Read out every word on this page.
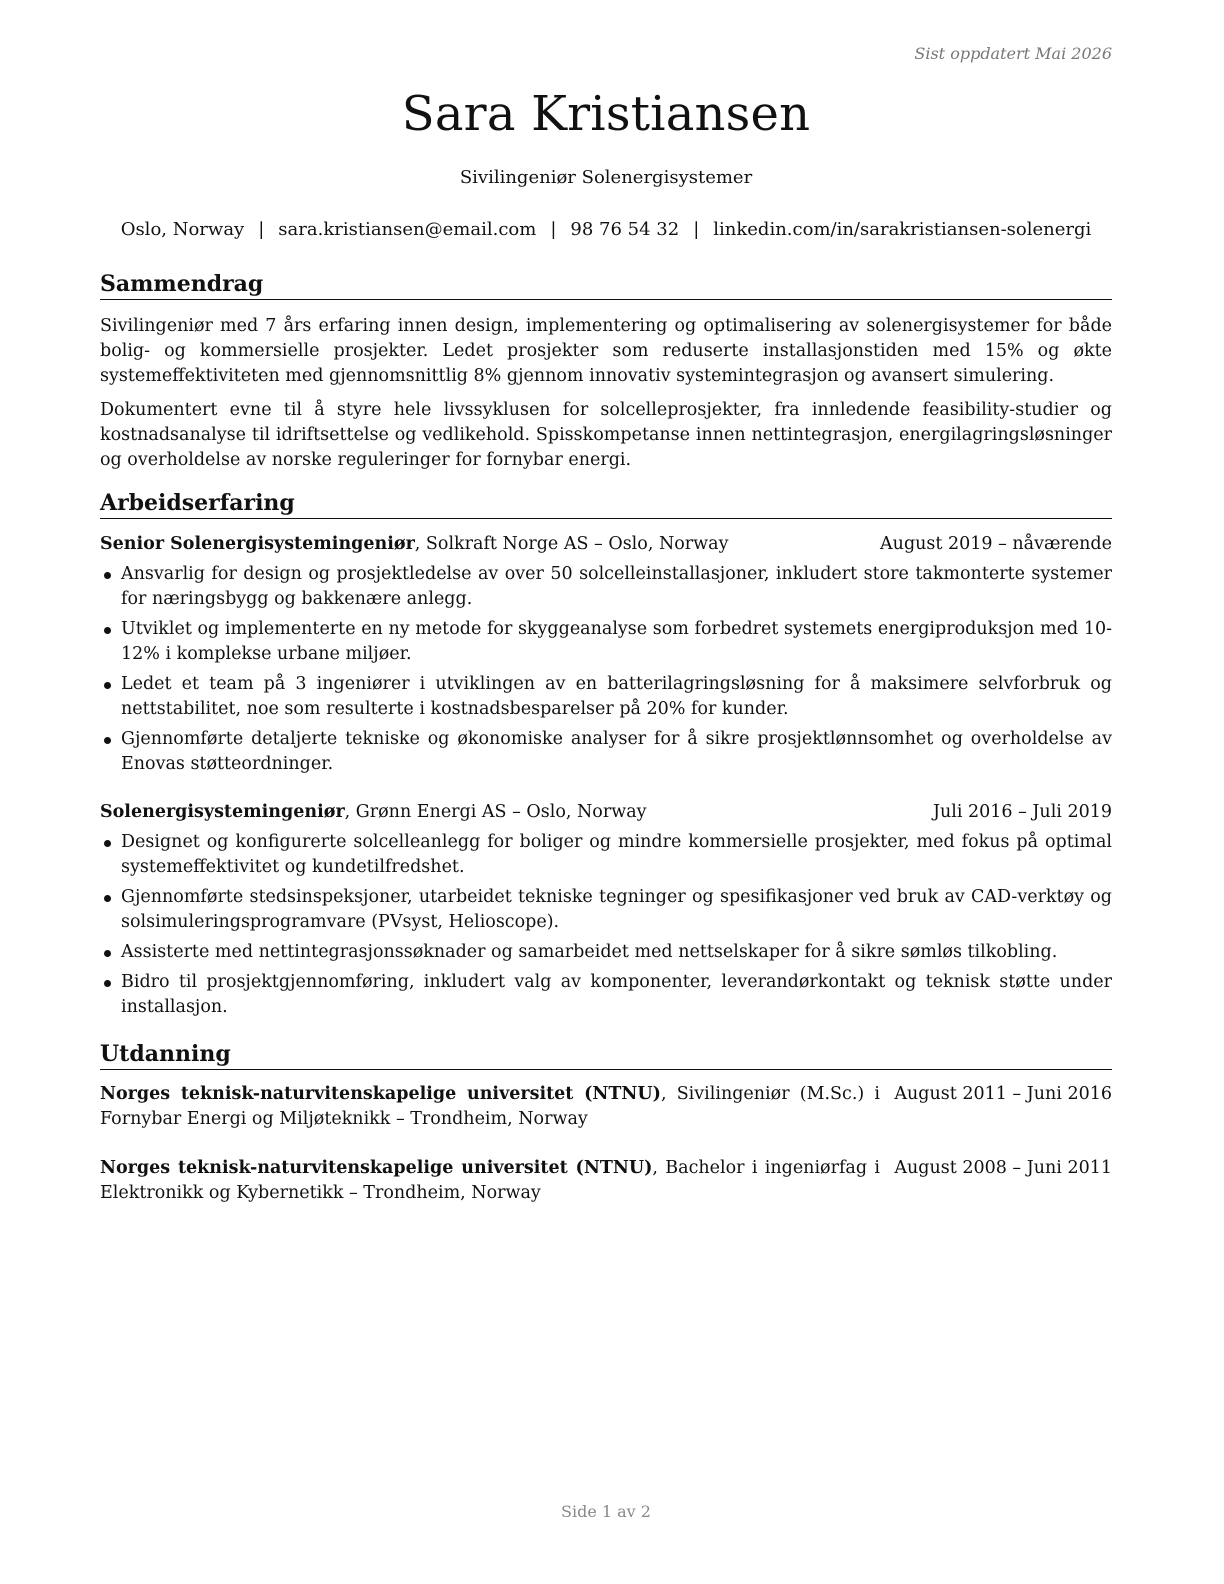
Sist oppdatert Mai 2026
Sara Kristiansen
Sivilingeniør Solenergisystemer
Oslo, Norway | sara.kristiansen@email.com | 98 76 54 32 | linkedin.com/in/sarakristiansen-solenergi
Sammendrag

Sivilingeniør med 7 års erfaring innen design, implementering og optimalisering av solenergisystemer for både bolig- og kommersielle prosjekter. Ledet prosjekter som reduserte installasjonstiden med 15% og økte systemeffektiviteten med gjennomsnittlig 8% gjennom innovativ systemintegrasjon og avansert simulering.

Dokumentert evne til å styre hele livssyklusen for solcelleprosjekter, fra innledende feasibility-studier og kostnadsanalyse til idriftsettelse og vedlikehold. Spisskompetanse innen nettintegrasjon, energilagringsløsninger og overholdelse av norske reguleringer for fornybar energi.

Arbeidserfaring
Senior Solenergisystemingeniør, Solkraft Norge AS – Oslo, Norway	August 2019 – nåværende
Ansvarlig for design og prosjektledelse av over 50 solcelleinstallasjoner, inkludert store takmonterte systemer for næringsbygg og bakkenære anlegg.
Utviklet og implementerte en ny metode for skyggeanalyse som forbedret systemets energiproduksjon med 10-12% i komplekse urbane miljøer.
Ledet et team på 3 ingeniører i utviklingen av en batterilagringsløsning for å maksimere selvforbruk og nettstabilitet, noe som resulterte i kostnadsbesparelser på 20% for kunder.
Gjennomførte detaljerte tekniske og økonomiske analyser for å sikre prosjektlønnsomhet og overholdelse av Enovas støtteordninger.
Solenergisystemingeniør, Grønn Energi AS – Oslo, Norway	Juli 2016 – Juli 2019
Designet og konfigurerte solcelleanlegg for boliger og mindre kommersielle prosjekter, med fokus på optimal systemeffektivitet og kundetilfredshet.
Gjennomførte stedsinspeksjoner, utarbeidet tekniske tegninger og spesifikasjoner ved bruk av CAD-verktøy og solsimuleringsprogramvare (PVsyst, Helioscope).
Assisterte med nettintegrasjonssøknader og samarbeidet med nettselskaper for å sikre sømløs tilkobling.
Bidro til prosjektgjennomføring, inkludert valg av komponenter, leverandørkontakt og teknisk støtte under installasjon.
Utdanning
Norges teknisk-naturvitenskapelige universitet (NTNU), Sivilingeniør (M.Sc.) i Fornybar Energi og Miljøteknikk – Trondheim, Norway
August 2011 – Juni 2016
Norges teknisk-naturvitenskapelige universitet (NTNU), Bachelor i ingeniørfag i Elektronikk og Kybernetikk – Trondheim, Norway
August 2008 – Juni 2011
Side 1 av 2
